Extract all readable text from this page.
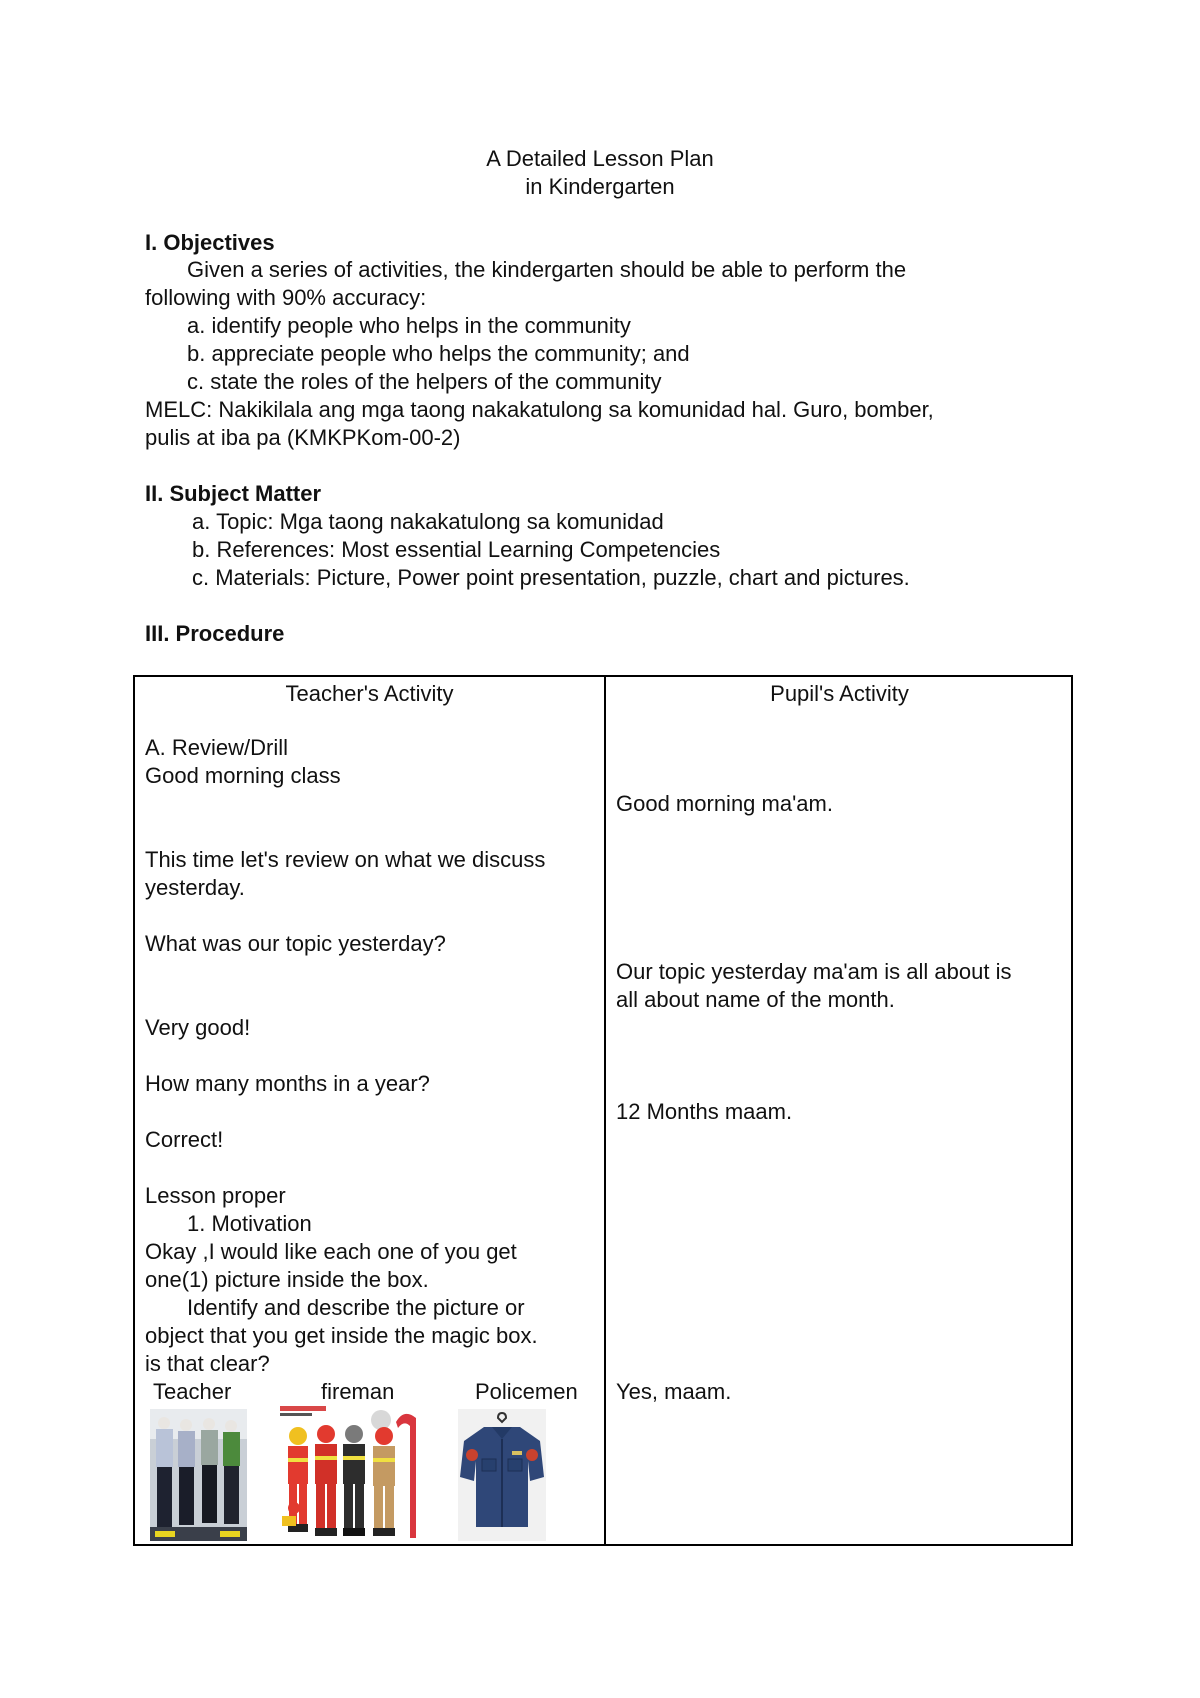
A Detailed Lesson Plan
in Kindergarten
I. Objectives
Given a series of activities, the kindergarten should be able to perform the
following with 90% accuracy:
a. identify people who helps in the community
b. appreciate people who helps the community; and
c. state the roles of the helpers of the community
MELC: Nakikilala ang mga taong nakakatulong sa komunidad hal. Guro, bomber,
pulis at iba pa (KMKPKom-00-2)
II. Subject Matter
a. Topic: Mga taong nakakatulong sa komunidad
b. References: Most essential Learning Competencies
c. Materials: Picture, Power point presentation, puzzle, chart and pictures.
III. Procedure
Teacher's Activity
A. Review/Drill
Good morning class
This time let's review on what we discuss
yesterday.
What was our topic yesterday?
Very good!
How many months in a year?
Correct!
Lesson proper
1. Motivation
Okay ,I would like each one of you get
one(1) picture inside the box.
Identify and describe the picture or
object that you get inside the magic box.
is that clear?
Teacher	fireman	Policemen
Pupil's Activity
Good morning ma'am.
Our topic yesterday ma'am is all about is
all about name of the month.
12 Months maam.
Yes, maam.
